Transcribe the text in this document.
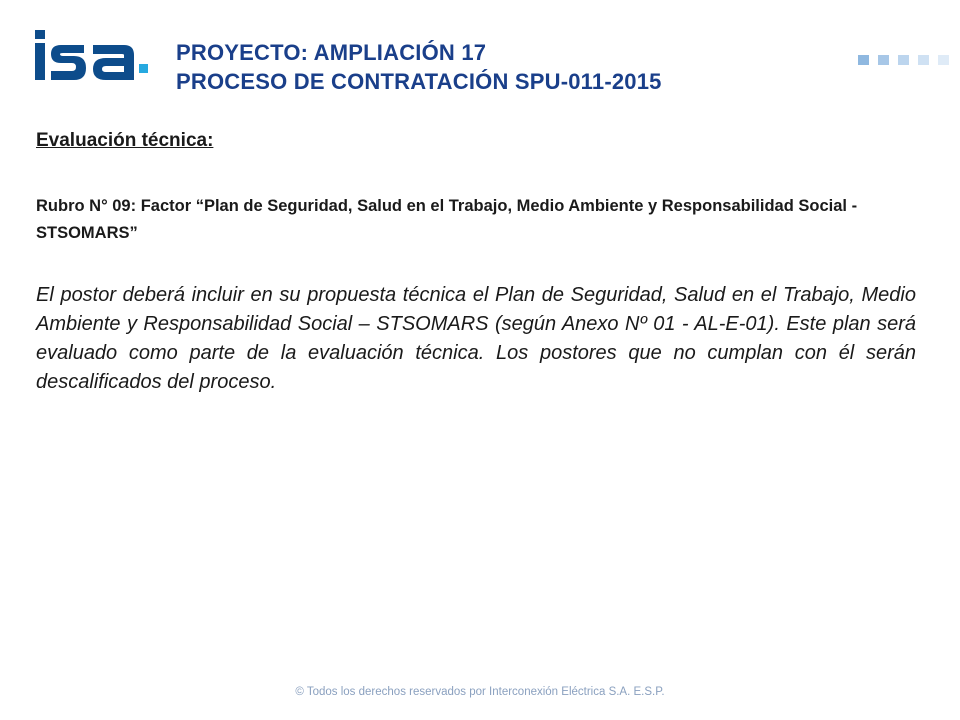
PROYECTO: AMPLIACIÓN 17
PROCESO DE CONTRATACIÓN SPU-011-2015
Evaluación técnica:
Rubro N° 09: Factor “Plan de Seguridad, Salud en el Trabajo, Medio Ambiente y Responsabilidad Social - STSOMARS”
El postor deberá incluir en su propuesta técnica el Plan de Seguridad, Salud en el Trabajo, Medio Ambiente y Responsabilidad Social – STSOMARS (según Anexo Nº 01 - AL-E-01). Este plan será evaluado como parte de la evaluación técnica. Los postores que no cumplan con él serán descalificados del proceso.
© Todos los derechos reservados por Interconexión Eléctrica S.A. E.S.P.
